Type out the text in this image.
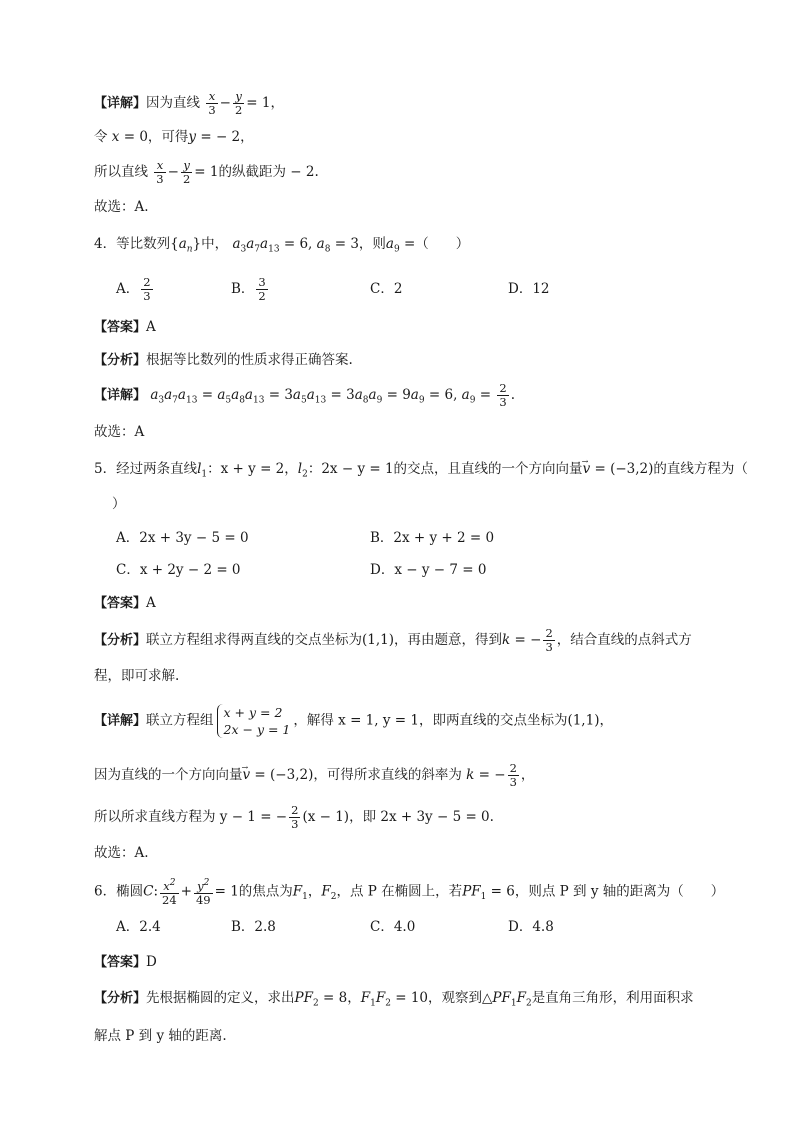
【详解】因为直线 $\frac{x}{3} - \frac{y}{2} = 1$，
令 x = 0，可得y = − 2，
所以直线 $\frac{x}{3} - \frac{y}{2} = 1$的纵截距为 − 2.
故选：A.
4．等比数列$\{a_n\}$中， $a_3a_7a_{13} = 6$, $a_8 = 3$，则$a_9$ =（　　）
A． $\frac{2}{3}$	B． $\frac{3}{2}$	C．2	D．12
【答案】A
【分析】根据等比数列的性质求得正确答案.
【详解】 $a_3a_7a_{13} = a_5a_8a_{13} = 3a_5a_{13} = 3a_8a_9 = 9a_9 = 6$, $a_9 = \frac{2}{3}$ .
故选：A
5．经过两条直线$l_1$：x + y = 2，$l_2$：2x − y = 1的交点，且直线的一个方向向量→ v = (−3,2)的直线方程为（
）
A．2x + 3y − 5 = 0	B．2x + y + 2 = 0
C．x + 2y − 2 = 0	D．x − y − 7 = 0
【答案】A
【分析】联立方程组求得两直线的交点坐标为(1,1)，再由题意，得到k = − $\frac{2}{3}$ ，结合直线的点斜式方
程，即可求解.
【详解】联立方程组 x + y = 2
2x − y = 1
，解得 x = 1, y = 1，即两直线的交点坐标为(1,1)，
因为直线的一个方向向量→ v = (−3,2)，可得所求直线的斜率为 k = − $\frac{2}{3}$ ，
所以所求直线方程为 y − 1 = − $\frac{2}{3} (x - 1)$，即 2x + 3y − 5 = 0.
故选：A.
6．椭圆C: $\frac{x^2}{24} + \frac{y^2}{49} = 1$的焦点为$F_1$，$F_2$，点 P 在椭圆上，若$PF_1 = 6$，则点 P 到 y 轴的距离为（　　）
A．2.4	B．2.8	C．4.0	D．4.8
【答案】D
【分析】先根据椭圆的定义，求出$PF_2 = 8$，$F_1F_2 = 10$，观察到$\triangle PF_1F_2$是直角三角形，利用面积求
解点 P 到 y 轴的距离.
